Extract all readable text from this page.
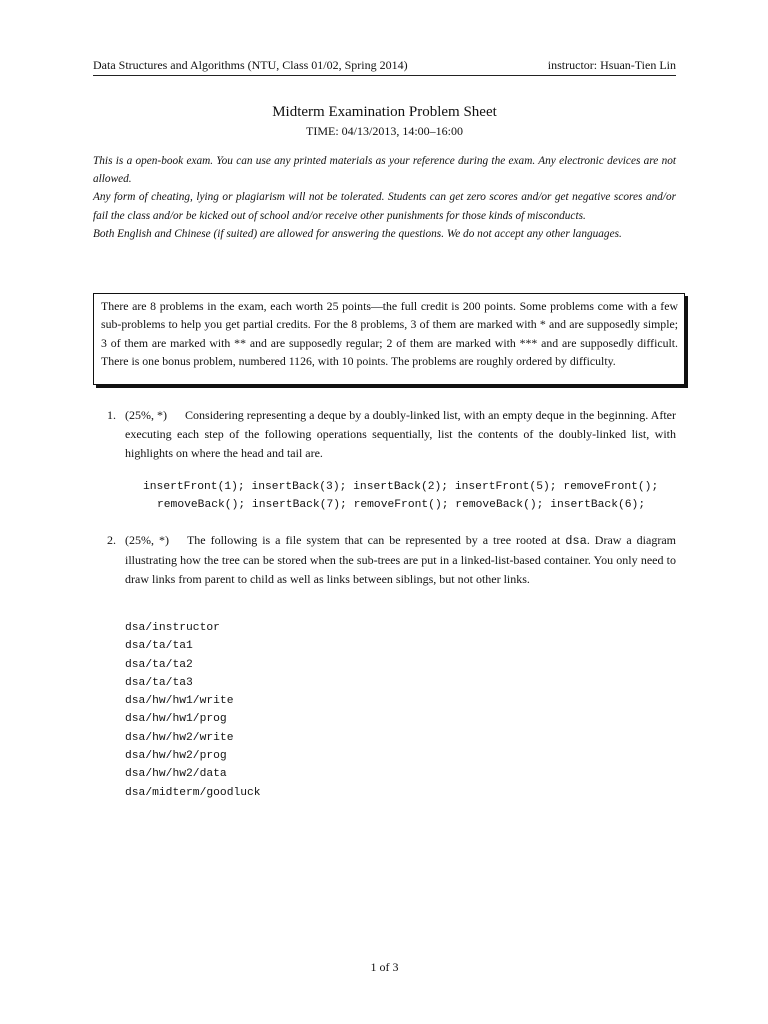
Data Structures and Algorithms (NTU, Class 01/02, Spring 2014)	instructor: Hsuan-Tien Lin
Midterm Examination Problem Sheet
TIME: 04/13/2013, 14:00–16:00

This is a open-book exam. You can use any printed materials as your reference during the exam. Any electronic devices are not allowed.

Any form of cheating, lying or plagiarism will not be tolerated. Students can get zero scores and/or get negative scores and/or fail the class and/or be kicked out of school and/or receive other punishments for those kinds of misconducts.

Both English and Chinese (if suited) are allowed for answering the questions. We do not accept any other languages.

There are 8 problems in the exam, each worth 25 points—the full credit is 200 points. Some problems come with a few sub-problems to help you get partial credits. For the 8 problems, 3 of them are marked with * and are supposedly simple; 3 of them are marked with ** and are supposedly regular; 2 of them are marked with *** and are supposedly difficult. There is one bonus problem, numbered 1126, with 10 points. The problems are roughly ordered by difficulty.
1. (25%, *) Considering representing a deque by a doubly-linked list, with an empty deque in the beginning. After executing each step of the following operations sequentially, list the contents of the doubly-linked list, with highlights on where the head and tail are.
insertFront(1); insertBack(3); insertBack(2); insertFront(5); removeFront();
removeBack(); insertBack(7); removeFront(); removeBack(); insertBack(6);
2. (25%, *) The following is a file system that can be represented by a tree rooted at dsa. Draw a diagram illustrating how the tree can be stored when the sub-trees are put in a linked-list-based container. You only need to draw links from parent to child as well as links between siblings, but not other links.
dsa/instructor
dsa/ta/ta1
dsa/ta/ta2
dsa/ta/ta3
dsa/hw/hw1/write
dsa/hw/hw1/prog
dsa/hw/hw2/write
dsa/hw/hw2/prog
dsa/hw/hw2/data
dsa/midterm/goodluck
1 of 3
